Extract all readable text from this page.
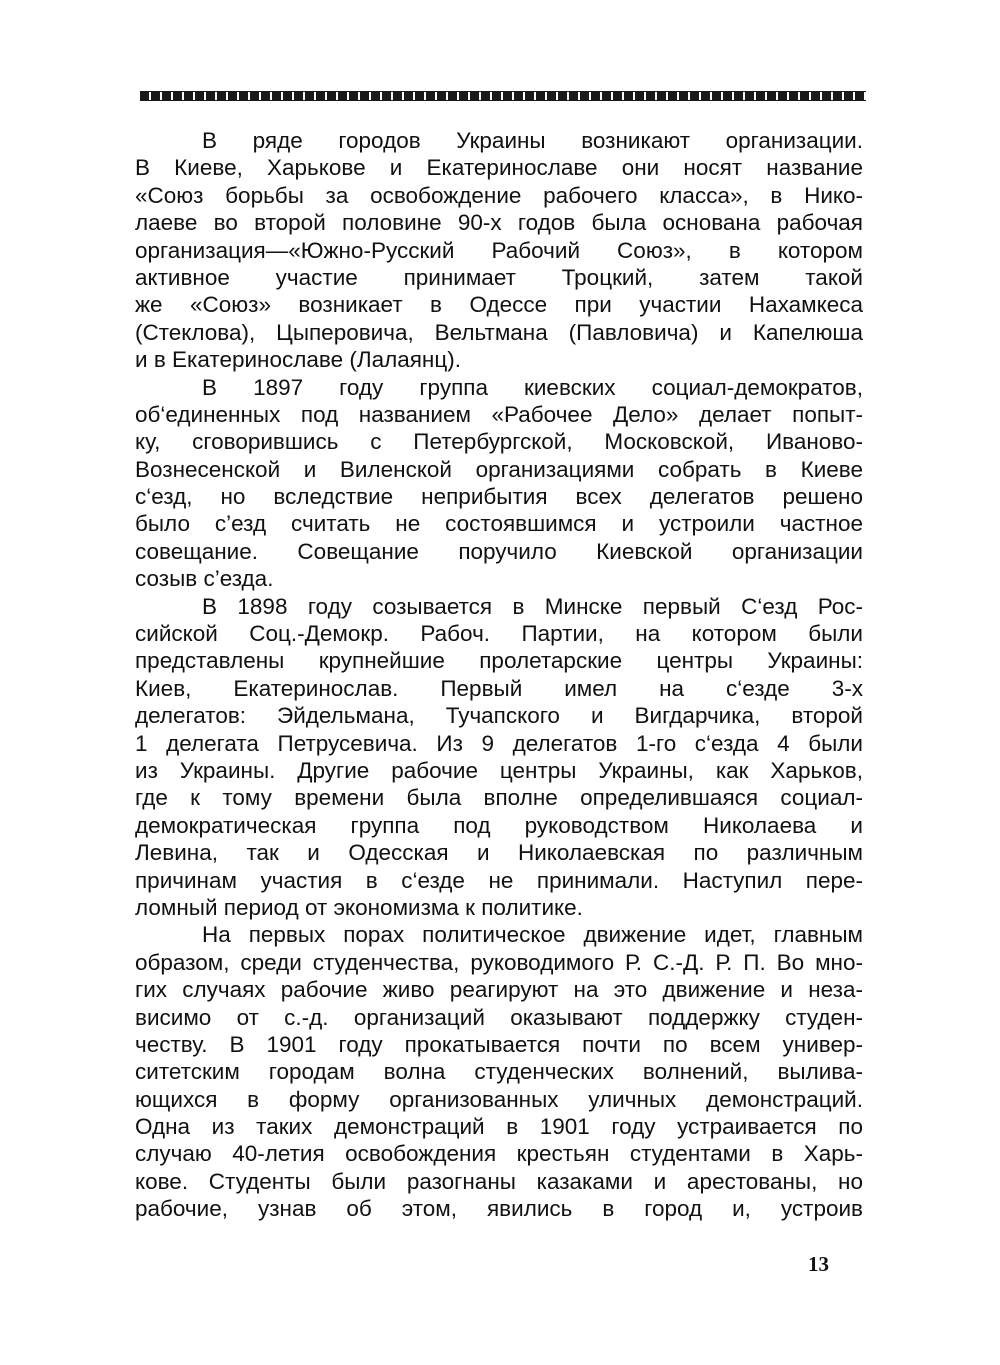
В ряде городов Украины возникают организации.
В Киеве, Харькове и Екатеринославе они носят название
«Союз борьбы за освобождение рабочего класса», в Нико-
лаеве во второй половине 90-х годов была основана рабочая
организация—«Южно-Русский Рабочий Союз», в котором
активное участие принимает Троцкий, затем такой
же «Союз» возникает в Одессе при участии Нахамкеса
(Стеклова), Цыперовича, Вельтмана (Павловича) и Капелюша
и в Екатеринославе (Лалаянц).
В 1897 году группа киевских социал-демократов,
об‘единенных под названием «Рабочее Дело» делает попыт-
ку, сговорившись с Петербургской, Московской, Иваново-
Вознесенской и Виленской организациями собрать в Киеве
с‘езд, но вследствие неприбытия всех делегатов решено
было с’езд считать не состоявшимся и устроили частное
совещание. Совещание поручило Киевской организации
созыв с’езда.
В 1898 году созывается в Минске первый С‘езд Рос-
сийской Соц.-Демокр. Рабоч. Партии, на котором были
представлены крупнейшие пролетарские центры Украины:
Киев, Екатеринослав. Первый имел на с‘езде 3-х
делегатов: Эйдельмана, Тучапского и Вигдарчика, второй
1 делегата Петрусевича. Из 9 делегатов 1-го с‘езда 4 были
из Украины. Другие рабочие центры Украины, как Харьков,
где к тому времени была вполне определившаяся социал-
демократическая группа под руководством Николаева и
Левина, так и Одесская и Николаевская по различным
причинам участия в с‘езде не принимали. Наступил пере-
ломный период от экономизма к политике.
На первых порах политическое движение идет, главным
образом, среди студенчества, руководимого Р. С.-Д. Р. П. Во мно-
гих случаях рабочие живо реагируют на это движение и неза-
висимо от с.-д. организаций оказывают поддержку студен-
честву. В 1901 году прокатывается почти по всем универ-
ситетским городам волна студенческих волнений, вылива-
ющихся в форму организованных уличных демонстраций.
Одна из таких демонстраций в 1901 году устраивается по
случаю 40-летия освобождения крестьян студентами в Харь-
кове. Студенты были разогнаны казаками и арестованы, но
рабочие, узнав об этом, явились в город и, устроив
13
